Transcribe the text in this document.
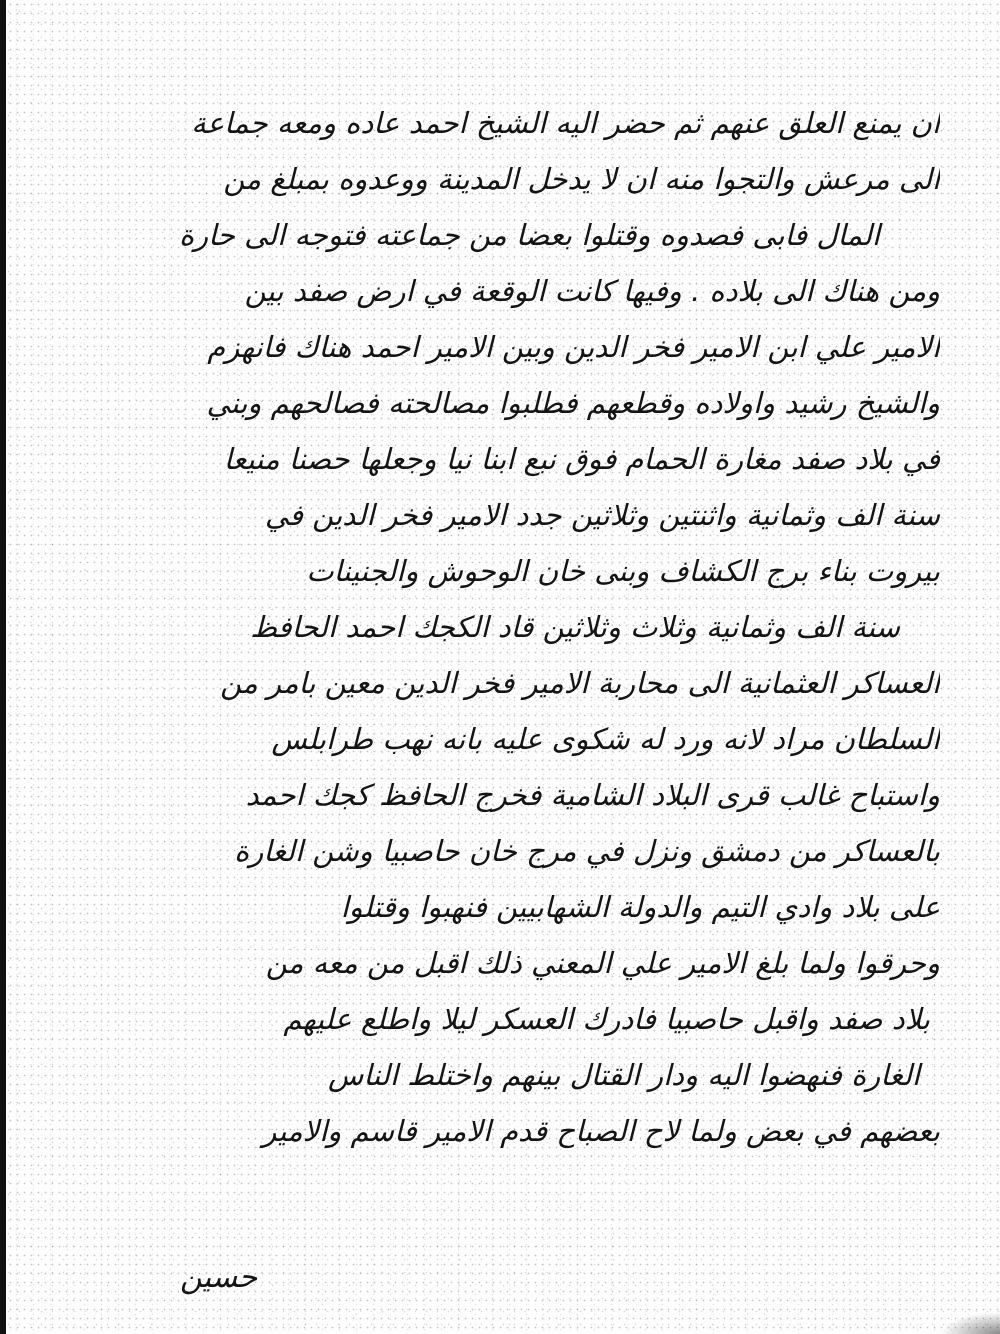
ان يمنع العلق عنهم ثم حضر اليه الشيخ احمد عاده ومعه جماعة
الى مرعش والتجوا منه ان لا يدخل المدينة ووعدوه بمبلغ من
المال فابى فصدوه وقتلوا بعضا من جماعته فتوجه الى حارة
ومن هناك الى بلاده . وفيها كانت الوقعة في ارض صفد بين
الامير علي ابن الامير فخر الدين وبين الامير احمد هناك فانهزم
والشيخ رشيد واولاده وقطعهم فطلبوا مصالحته فصالحهم وبني
في بلاد صفد مغارة الحمام فوق نبع ابنا نيا وجعلها حصنا منيعا
سنة الف وثمانية واثنتين وثلاثين جدد الامير فخر الدين في
بيروت بناء برج الكشاف وبنى خان الوحوش والجنينات
سنة الف وثمانية وثلاث وثلاثين قاد الكجك احمد الحافظ
العساكر العثمانية الى محاربة الامير فخر الدين معين بامر من
السلطان مراد لانه ورد له شكوى عليه بانه نهب طرابلس
واستباح غالب قرى البلاد الشامية فخرج الحافظ كجك احمد
بالعساكر من دمشق ونزل في مرج خان حاصبيا وشن الغارة
على بلاد وادي التيم والدولة الشهابيين فنهبوا وقتلوا
وحرقوا ولما بلغ الامير علي المعني ذلك اقبل من معه من
بلاد صفد واقبل حاصبيا فادرك العسكر ليلا واطلع عليهم
الغارة فنهضوا اليه ودار القتال بينهم واختلط الناس
بعضهم في بعض ولما لاح الصباح قدم الامير قاسم والامير
حسين
